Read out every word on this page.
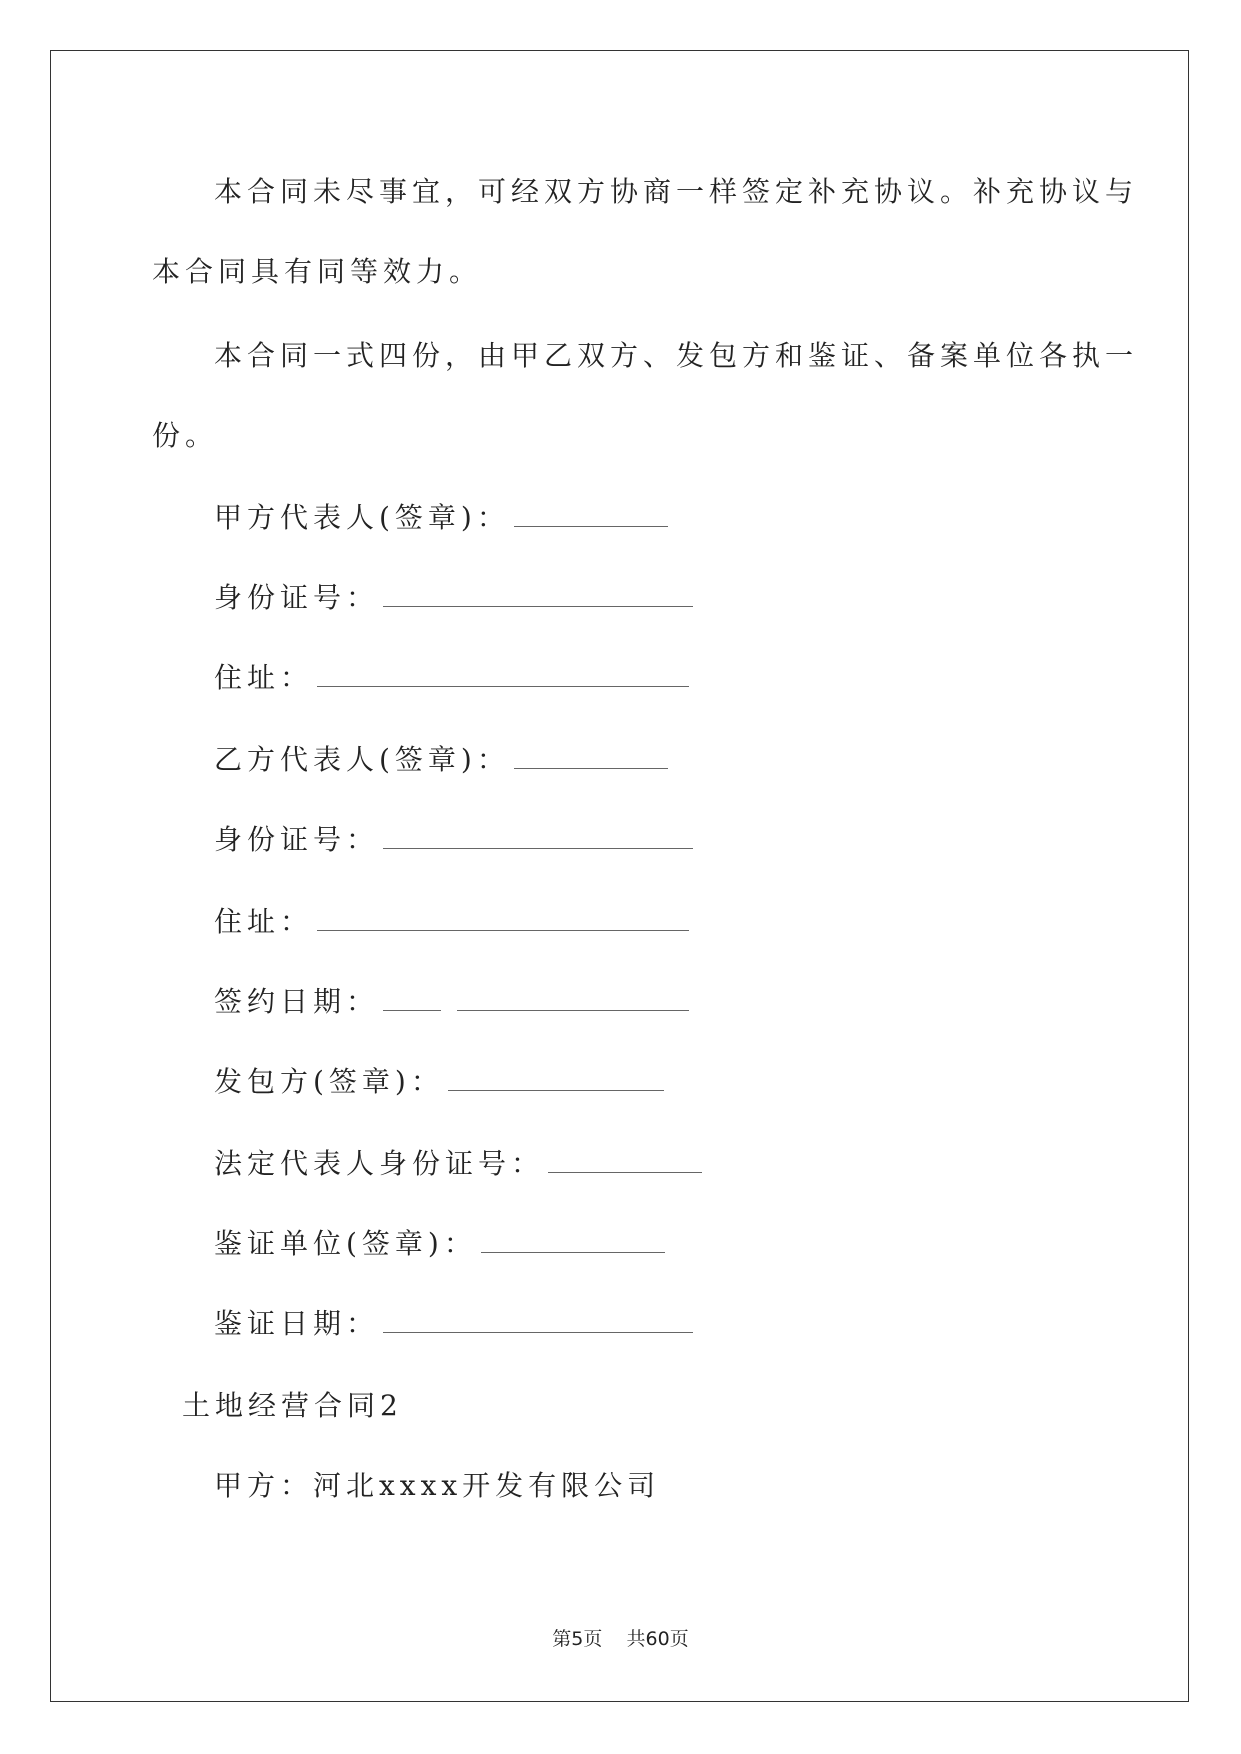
本合同未尽事宜，可经双方协商一样签定补充协议。补充协议与
本合同具有同等效力。
本合同一式四份，由甲乙双方、发包方和鉴证、备案单位各执一
份。
甲方代表人(签章)：
身份证号：
住址：
乙方代表人(签章)：
身份证号：
住址：
签约日期：
发包方(签章)：
法定代表人身份证号：
鉴证单位(签章)：
鉴证日期：
土地经营合同2
甲方：河北xxxx开发有限公司
第5页 共60页
